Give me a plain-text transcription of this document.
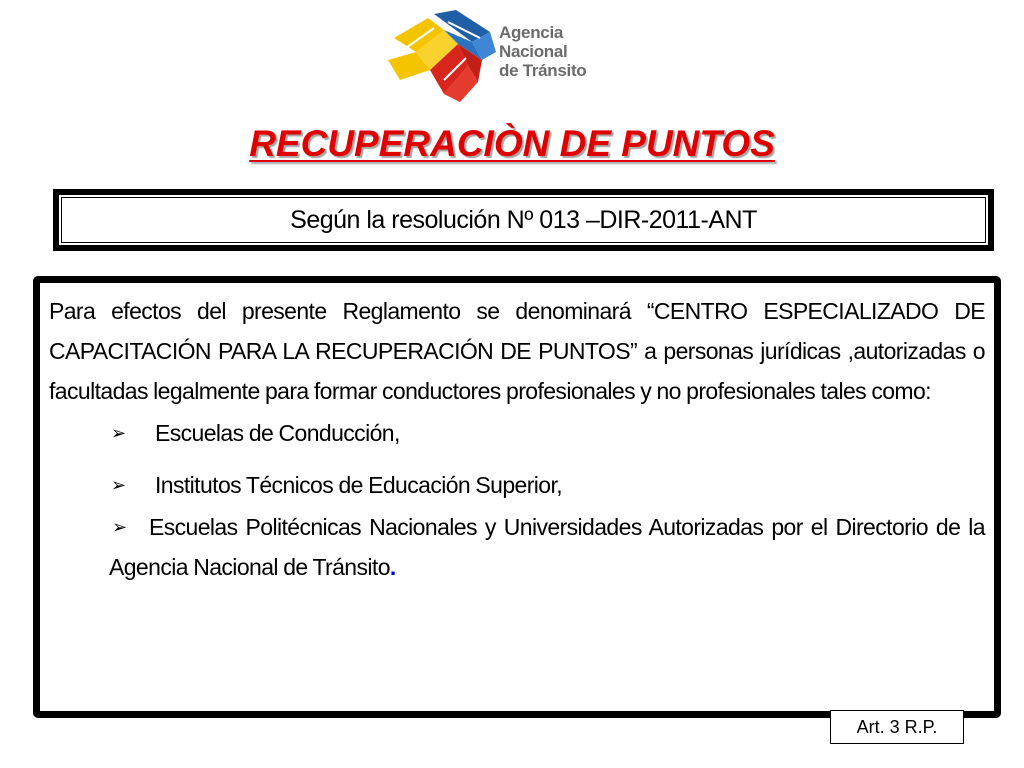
Agencia
Nacional
de Tránsito
RECUPERACIÒN DE PUNTOS
Según la resolución Nº 013 –DIR-2011-ANT

Para efectos del presente Reglamento se denominará “CENTRO ESPECIALIZADO DE CAPACITACIÓN PARA LA RECUPERACIÓN DE PUNTOS” a personas jurídicas ,autorizadas o facultadas legalmente para formar conductores profesionales y no profesionales tales como:

➢ Escuelas de Conducción,

➢ Institutos Técnicos de Educación Superior,

➢ Escuelas Politécnicas Nacionales y Universidades Autorizadas por el Directorio de la Agencia Nacional de Tránsito.

Art. 3 R.P.
